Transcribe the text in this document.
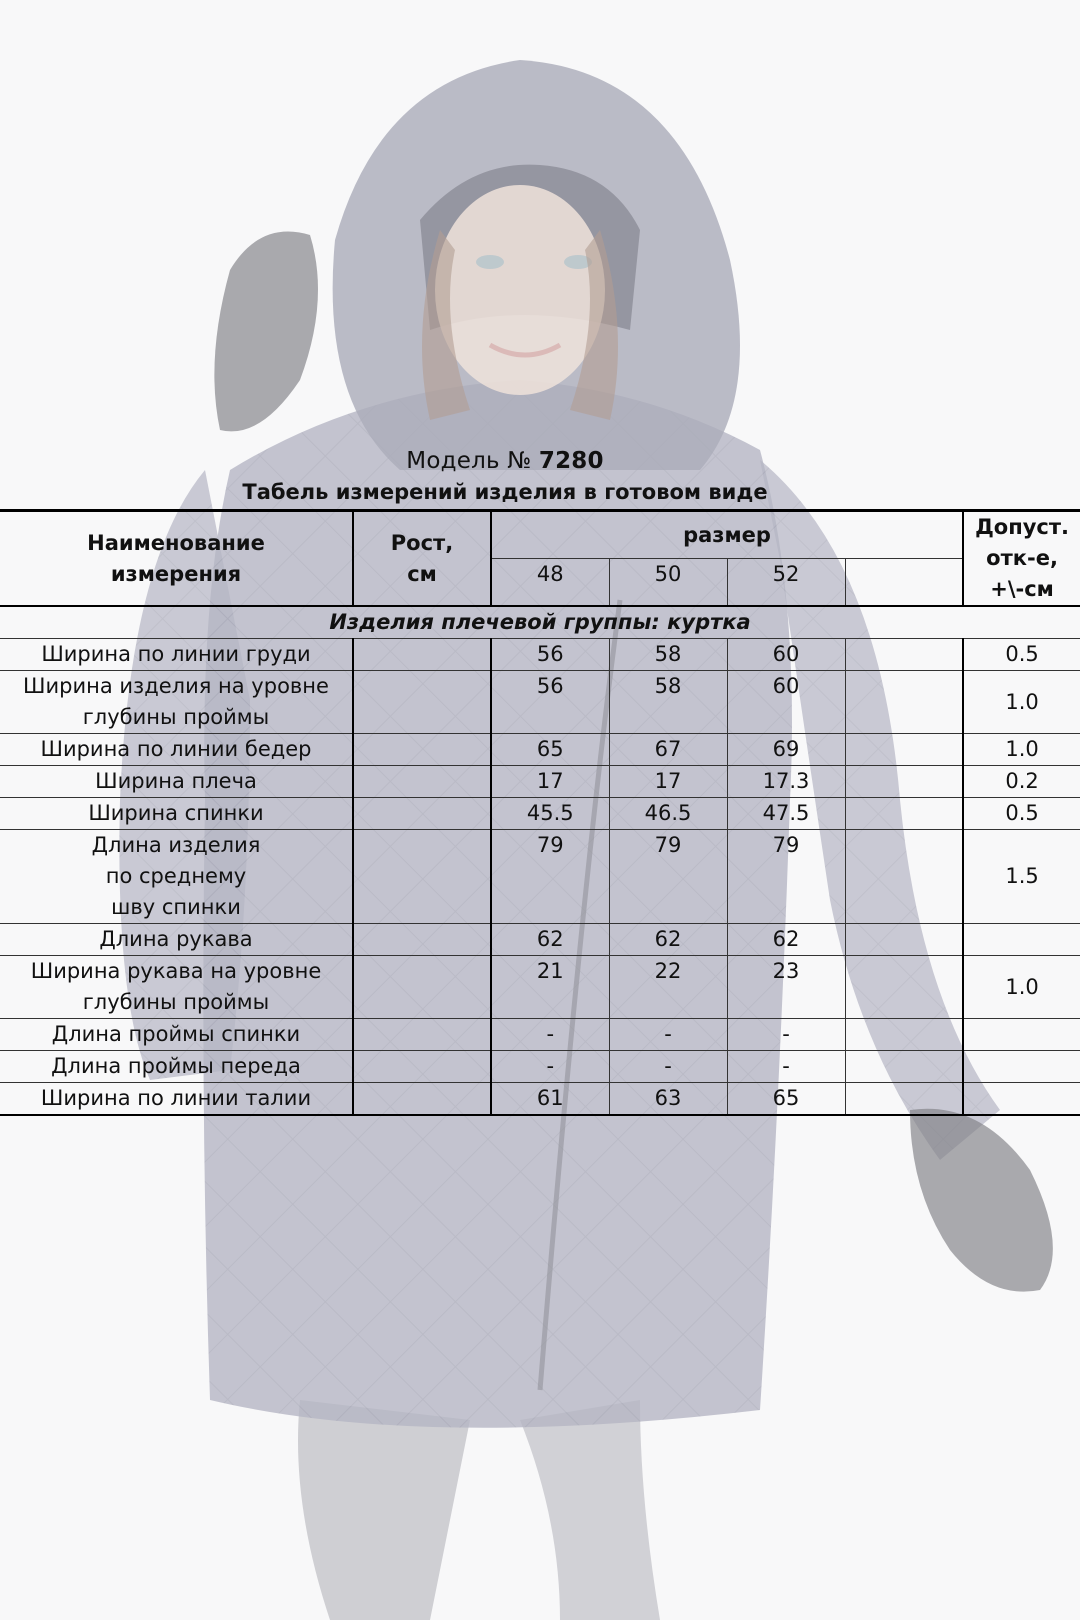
Модель № 7280
Табель измерений изделия в готовом виде
Наименование измерения	Рост, см	размер				Допуст. отк-е, +\-см
		48	50	52		
Изделия плечевой группы: куртка						
Ширина по линии груди		56	58	60		0.5
Ширина изделия на уровне глубины проймы		56	58	60		1.0
Ширина по линии бедер		65	67	69		1.0
Ширина плеча		17	17	17.3		0.2
Ширина спинки		45.5	46.5	47.5		0.5
Длина изделия по среднему шву спинки		79	79	79		1.5
Длина рукава		62	62	62		
Ширина рукава на уровне глубины проймы		21	22	23		1.0
Длина проймы спинки		-	-	-		
Длина проймы переда		-	-	-		
Ширина по линии талии		61	63	65		
